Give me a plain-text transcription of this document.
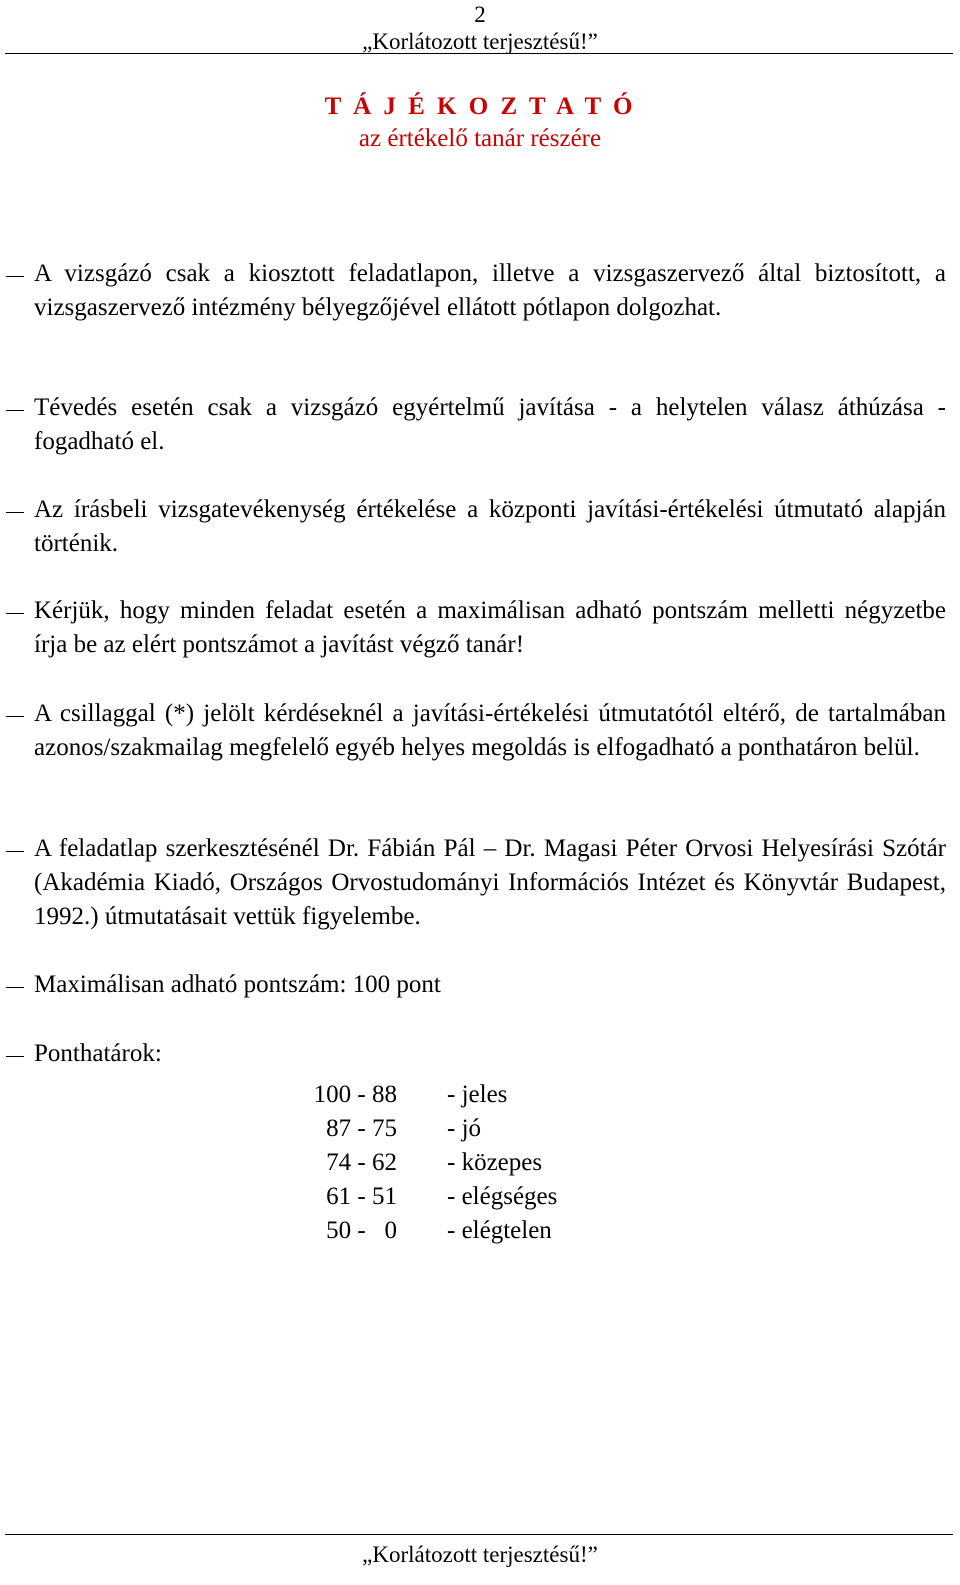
2
„Korlátozott terjesztésű!”
T Á J É K O Z T A T Ó
az értékelő tanár részére
A vizsgázó csak a kiosztott feladatlapon, illetve a vizsgaszervező által biztosított, a vizsgaszervező intézmény bélyegzőjével ellátott pótlapon dolgozhat.
Tévedés esetén csak a vizsgázó egyértelmű javítása - a helytelen válasz áthúzása - fogadható el.
Az írásbeli vizsgatevékenység értékelése a központi javítási-értékelési útmutató alapján történik.
Kérjük, hogy minden feladat esetén a maximálisan adható pontszám melletti négyzetbe írja be az elért pontszámot a javítást végző tanár!
A csillaggal (*) jelölt kérdéseknél a javítási-értékelési útmutatótól eltérő, de tartalmában azonos/szakmailag megfelelő egyéb helyes megoldás is elfogadható a ponthatáron belül.
A feladatlap szerkesztésénél Dr. Fábián Pál – Dr. Magasi Péter Orvosi Helyesírási Szótár (Akadémia Kiadó, Országos Orvostudományi Információs Intézet és Könyvtár Budapest, 1992.) útmutatásait vettük figyelembe.
Maximálisan adható pontszám: 100 pont
Ponthatárok:
100 - 88		- jeles
87 - 75		- jó
74 - 62		- közepes
61 - 51		- elégséges
50 -   0		- elégtelen
„Korlátozott terjesztésű!”
